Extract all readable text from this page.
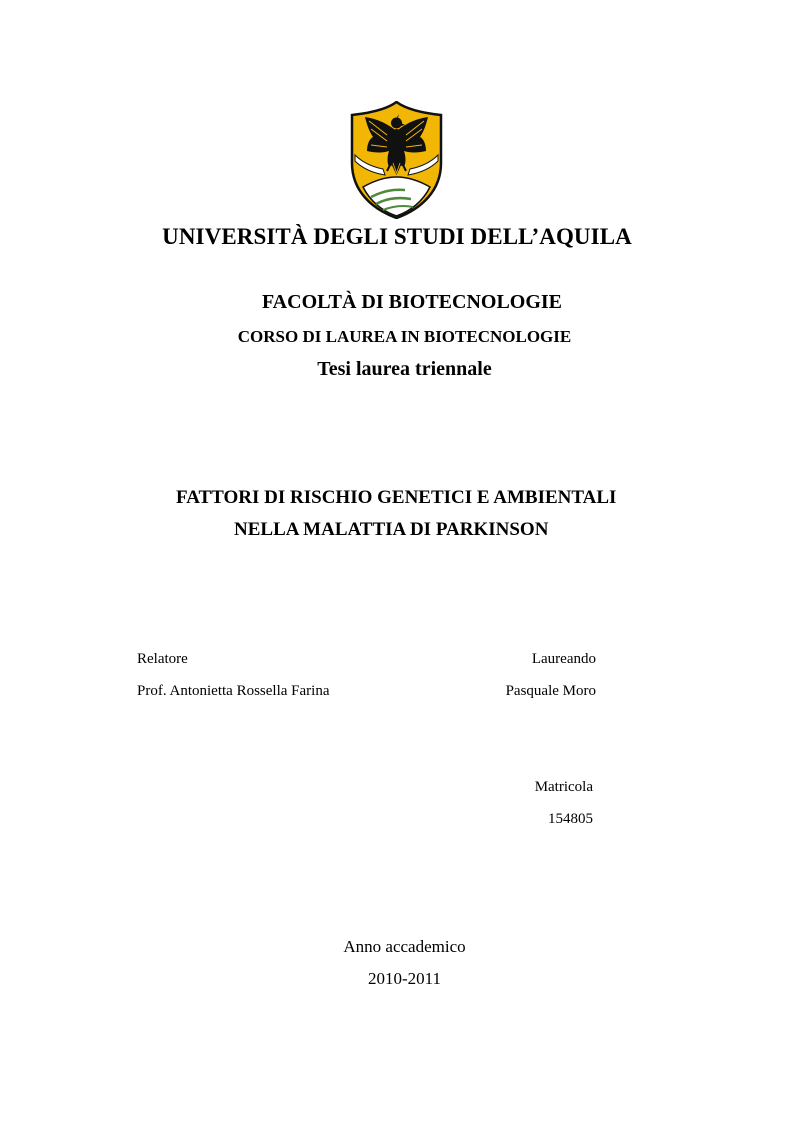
UNIVERSITÀ DEGLI STUDI DELL’AQUILA
FACOLTÀ DI BIOTECNOLOGIE
CORSO DI LAUREA IN BIOTECNOLOGIE
Tesi laurea triennale
FATTORI DI RISCHIO GENETICI E AMBIENTALI
NELLA MALATTIA DI PARKINSON
Relatore
Prof. Antonietta Rossella Farina
Laureando
Pasquale Moro
Matricola
154805
Anno accademico
2010-2011
